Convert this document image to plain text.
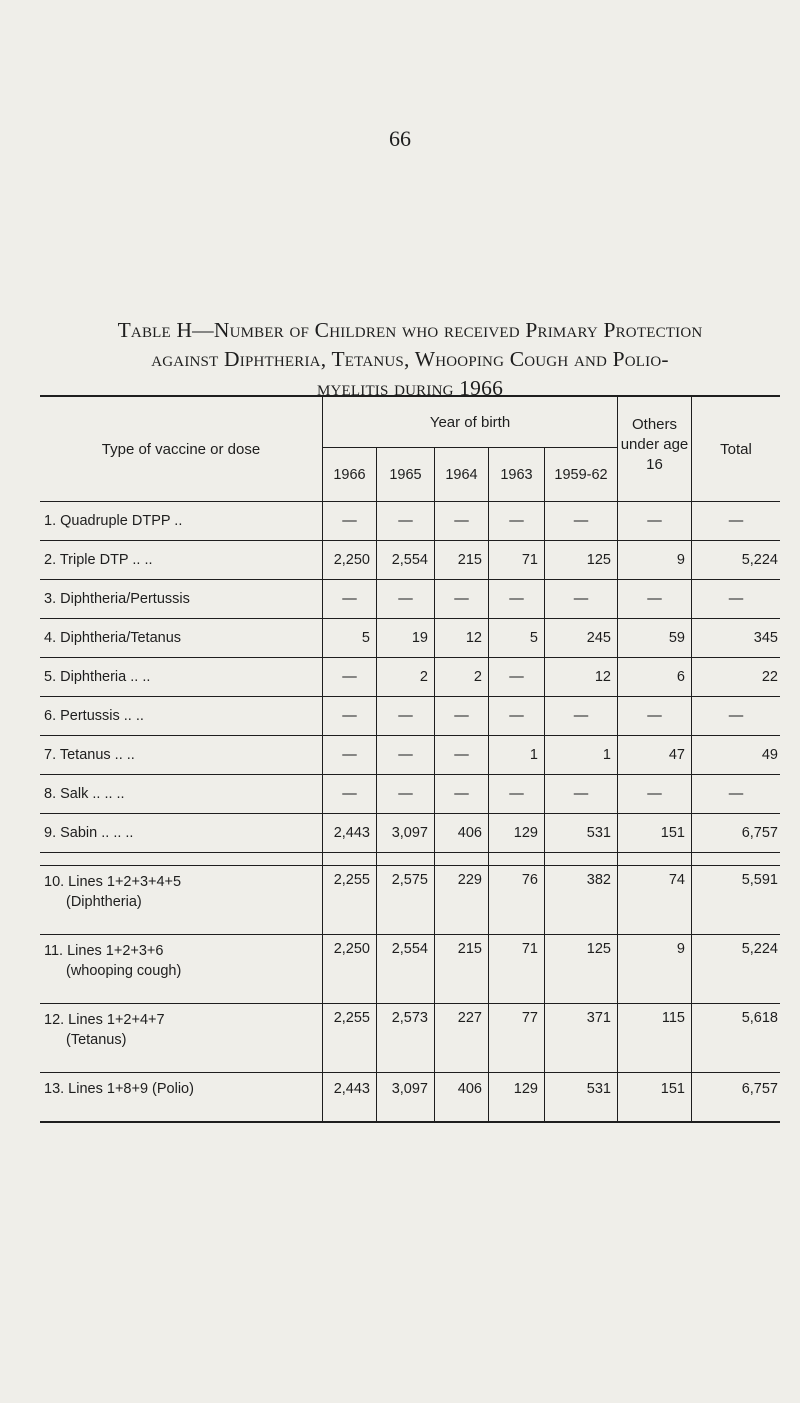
66
Table H—Number of Children who received Primary Protection
against Diphtheria, Tetanus, Whooping Cough and Polio-
myelitis during 1966
Type of vaccine or dose	Year of birth					Others under age 16	Total
	1966	1965	1964	1963	1959-62		
1. Quadruple DTPP ..	—	—	—	—	—	—	—
2. Triple DTP .. ..	2,250	2,554	215	71	125	9	5,224
3. Diphtheria/Pertussis	—	—	—	—	—	—	—
4. Diphtheria/Tetanus	5	19	12	5	245	59	345
5. Diphtheria .. ..	—	2	2	—	12	6	22
6. Pertussis .. ..	—	—	—	—	—	—	—
7. Tetanus .. ..	—	—	—	1	1	47	49
8. Salk .. .. ..	—	—	—	—	—	—	—
9. Sabin .. .. ..	2,443	3,097	406	129	531	151	6,757

10. Lines 1+2+3+4+5
(Diphtheria)	2,255	2,575	229	76	382	74	5,591
11. Lines 1+2+3+6
(whooping cough)	2,250	2,554	215	71	125	9	5,224
12. Lines 1+2+4+7
(Tetanus)	2,255	2,573	227	77	371	115	5,618
13. Lines 1+8+9 (Polio)	2,443	3,097	406	129	531	151	6,757
